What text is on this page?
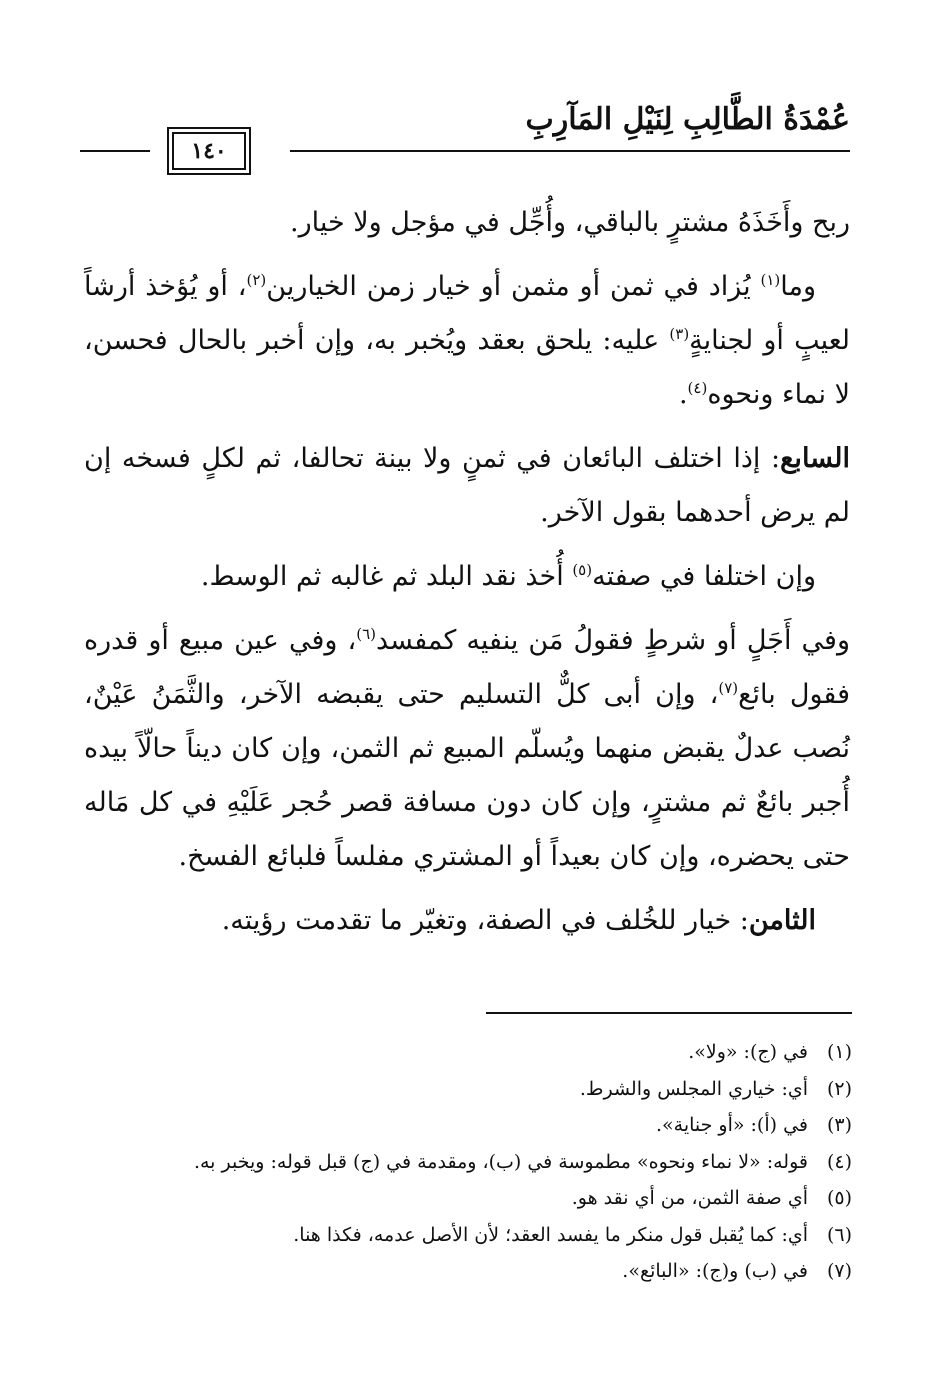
عُمْدَةُ الطَّالِبِ لِنَيْلِ المَآرِبِ
١٤٠

ربح وأَخَذَهُ مشترٍ بالباقي، وأُجِّل في مؤجل ولا خيار.

وما$^{(١)}$ يُزاد في ثمن أو مثمن أو خيار زمن الخيارين$^{(٢)}$، أو يُؤخذ أرشاً لعيبٍ أو لجنايةٍ$^{(٣)}$ عليه: يلحق بعقد ويُخبر به، وإن أخبر بالحال فحسن، لا نماء ونحوه$^{(٤)}$.

السابع: إذا اختلف البائعان في ثمنٍ ولا بينة تحالفا، ثم لكلٍ فسخه إن لم يرض أحدهما بقول الآخر.

وإن اختلفا في صفته$^{(٥)}$ أُخذ نقد البلد ثم غالبه ثم الوسط.

وفي أَجَلٍ أو شرطٍ فقولُ مَن ينفيه كمفسد$^{(٦)}$، وفي عين مبيع أو قدره فقول بائع$^{(٧)}$، وإن أبى كلٌّ التسليم حتى يقبضه الآخر، والثَّمَنُ عَيْنٌ، نُصب عدلٌ يقبض منهما ويُسلّم المبيع ثم الثمن، وإن كان ديناً حالّاً بيده أُجبر بائعٌ ثم مشترٍ، وإن كان دون مسافة قصر حُجر عَلَيْهِ في كل مَاله حتى يحضره، وإن كان بعيداً أو المشتري مفلساً فلبائع الفسخ.

الثامن: خيار للخُلف في الصفة، وتغيّر ما تقدمت رؤيته.

(١)في (ج): «ولا».

(٢)أي: خياري المجلس والشرط.

(٣)في (أ): «أو جناية».

(٤)قوله: «لا نماء ونحوه» مطموسة في (ب)، ومقدمة في (ج) قبل قوله: ويخبر به.

(٥)أي صفة الثمن، من أي نقد هو.

(٦)أي: كما يُقبل قول منكر ما يفسد العقد؛ لأن الأصل عدمه، فكذا هنا.

(٧)في (ب) و(ج): «البائع».
